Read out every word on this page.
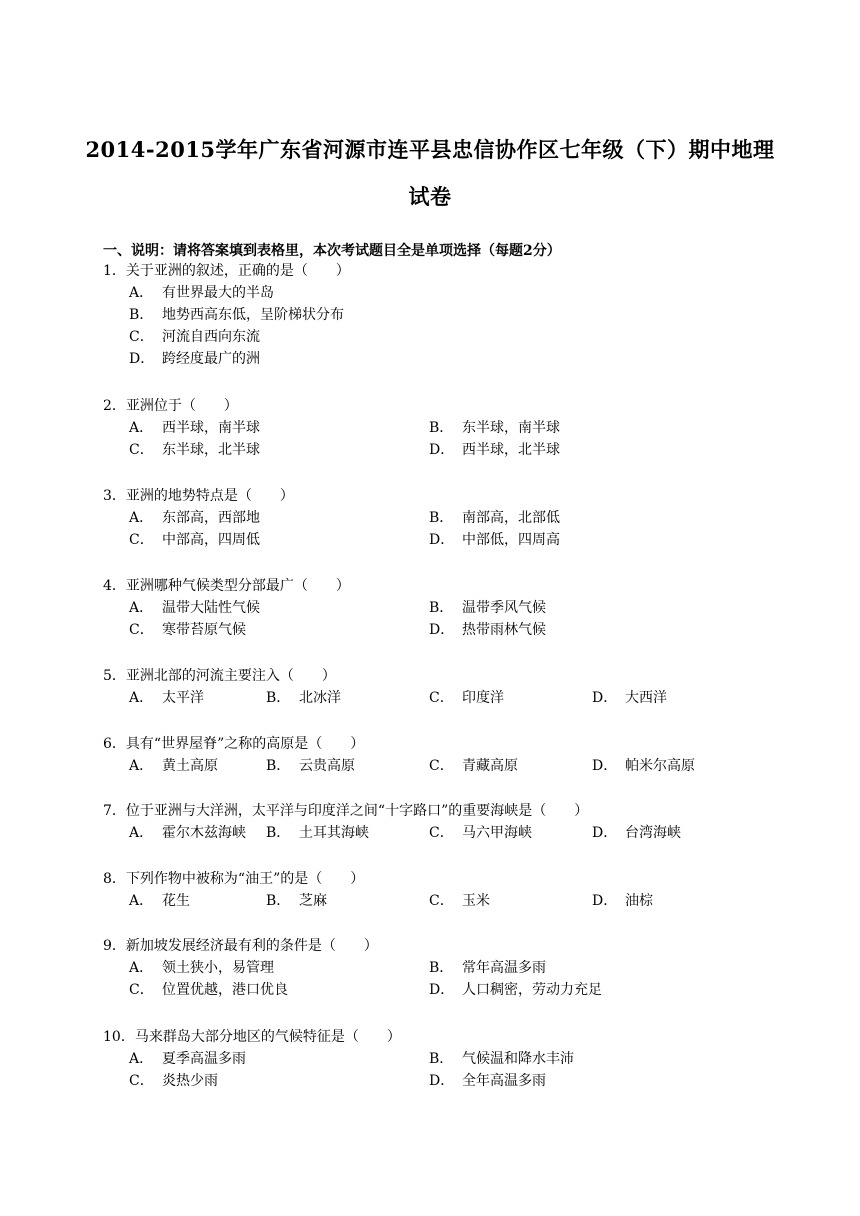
2014-2015学年广东省河源市连平县忠信协作区七年级（下）期中地理
试卷
一、说明：请将答案填到表格里，本次考试题目全是单项选择（每题2分）
1．关于亚洲的叙述，正确的是（　　）
A． 有世界最大的半岛
B． 地势西高东低，呈阶梯状分布
C． 河流自西向东流
D． 跨经度最广的洲
2．亚洲位于（　　）
A． 西半球，南半球	B． 东半球，南半球
C． 东半球，北半球	D． 西半球，北半球
3．亚洲的地势特点是（　　）
A． 东部高，西部地	B． 南部高，北部低
C． 中部高，四周低	D． 中部低，四周高
4．亚洲哪种气候类型分部最广（　　）
A． 温带大陆性气候	B． 温带季风气候
C． 寒带苔原气候	D． 热带雨林气候
5．亚洲北部的河流主要注入（　　）
A． 太平洋	B． 北冰洋	C． 印度洋	D． 大西洋
6．具有“世界屋脊”之称的高原是（　　）
A． 黄土高原	B． 云贵高原	C． 青藏高原	D． 帕米尔高原
7．位于亚洲与大洋洲，太平洋与印度洋之间“十字路口”的重要海峡是（　　）
A． 霍尔木兹海峡 B． 土耳其海峡	C． 马六甲海峡	D． 台湾海峡
8．下列作物中被称为“油王”的是（　　）
A． 花生	B． 芝麻	C． 玉米	D． 油棕
9．新加坡发展经济最有利的条件是（　　）
A． 领土狭小，易管理	B． 常年高温多雨
C． 位置优越，港口优良	D． 人口稠密，劳动力充足
10．马来群岛大部分地区的气候特征是（　　）
A． 夏季高温多雨	B． 气候温和降水丰沛
C． 炎热少雨	D． 全年高温多雨
